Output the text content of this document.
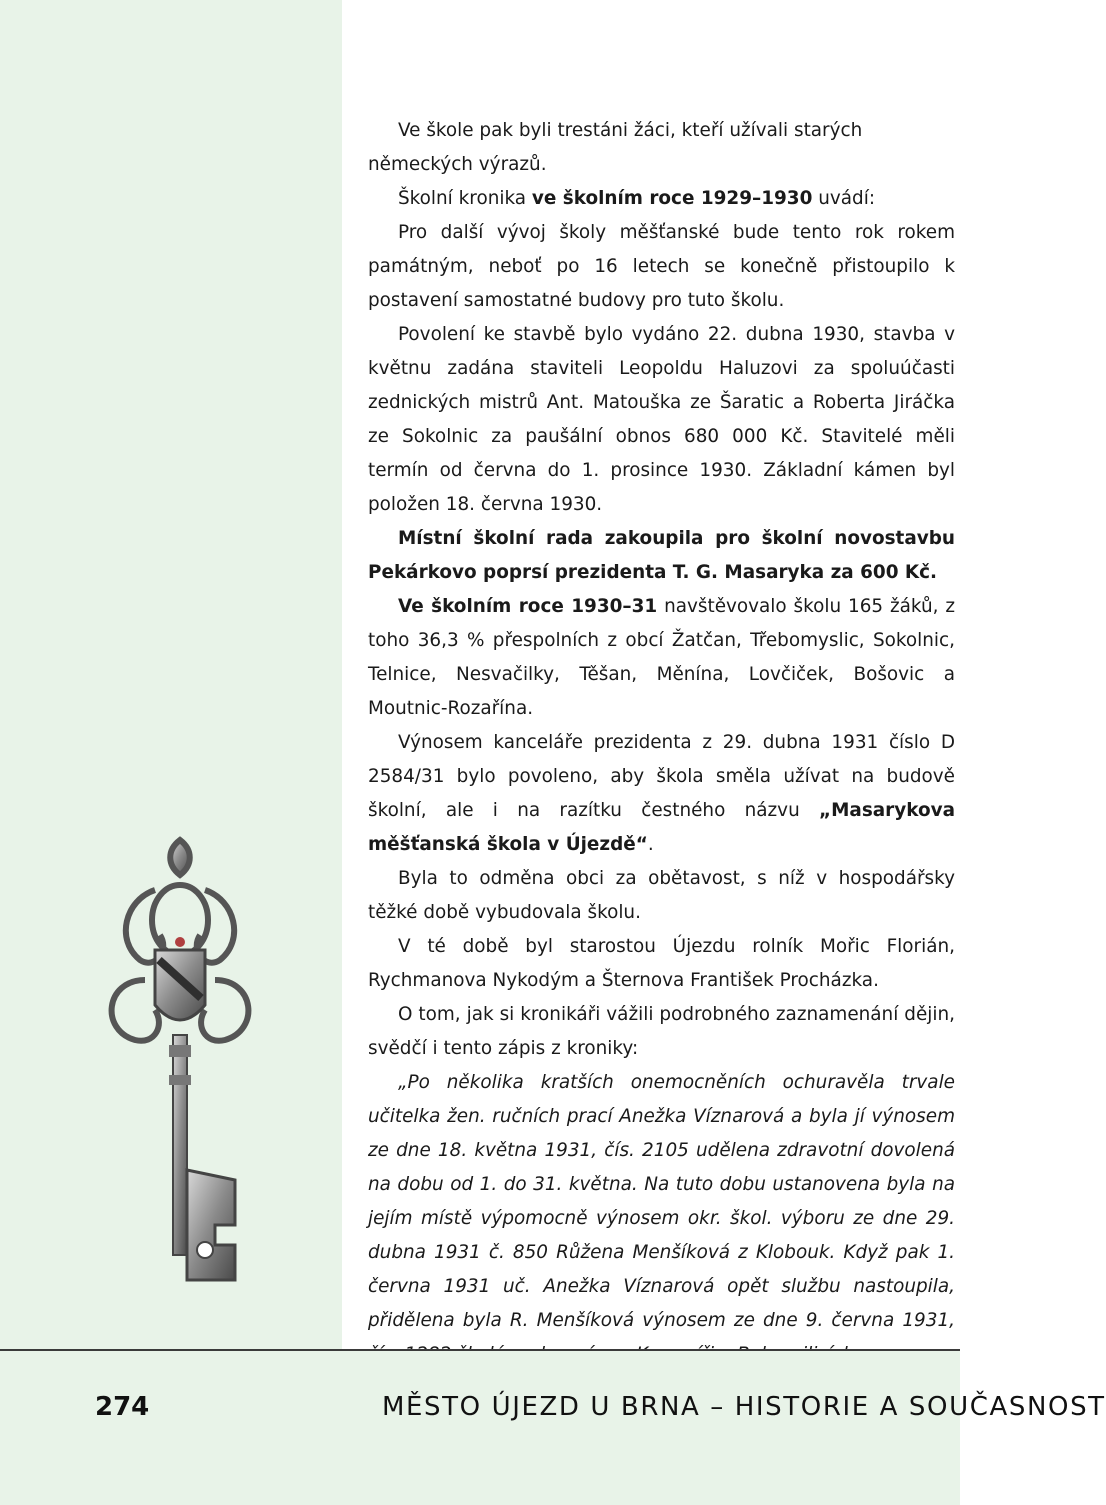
Ve škole pak byli trestáni žáci, kteří užívali starých německých výrazů.

Školní kronika ve školním roce 1929–1930 uvádí:

Pro další vývoj školy měšťanské bude tento rok rokem památným, neboť po 16 letech se konečně přistoupilo k postavení samostatné budovy pro tuto školu.

Povolení ke stavbě bylo vydáno 22. dubna 1930, stavba v květnu zadána staviteli Leopoldu Haluzovi za spoluúčasti zednických mistrů Ant. Matouška ze Šaratic a Roberta Jiráčka ze Sokolnic za paušální obnos 680 000 Kč. Stavitelé měli termín od června do 1. prosince 1930. Základní kámen byl položen 18. června 1930.

Místní školní rada zakoupila pro školní novostavbu Pekárkovo poprsí prezidenta T. G. Masaryka za 600 Kč.

Ve školním roce 1930–31 navštěvovalo školu 165 žáků, z toho 36,3 % přespolních z obcí Žatčan, Třebomyslic, Sokolnic, Telnice, Nesvačilky, Těšan, Měnína, Lovčiček, Bošovic a Moutnic-Rozařína.

Výnosem kanceláře prezidenta z 29. dubna 1931 číslo D 2584/31 bylo povoleno, aby škola směla užívat na budově školní, ale i na razítku čestného názvu „Masarykova měšťanská škola v Újezdě“.

Byla to odměna obci za obětavost, s níž v hospodářsky těžké době vybudovala školu.

V té době byl starostou Újezdu rolník Mořic Florián, Rychmanova Nykodým a Šternova František Procházka.

O tom, jak si kronikáři vážili podrobného zaznamenání dějin, svědčí i tento zápis z kroniky:

„Po několika kratších onemocněních ochuravěla trvale učitelka žen. ručních prací Anežka Víznarová a byla jí výnosem ze dne 18. května 1931, čís. 2105 udělena zdravotní dovolená na dobu od 1. do 31. května. Na tuto dobu ustanovena byla na jejím místě výpomocně výnosem okr. škol. výboru ze dne 29. dubna 1931 č. 850 Růžena Menšíková z Klobouk. Když pak 1. června 1931 uč. Anežka Víznarová opět službu nastoupila, přidělena byla R. Menšíková výnosem ze dne 9. června 1931,

274	MĚSTO ÚJEZD U BRNA – HISTORIE A SOUČASNOST
